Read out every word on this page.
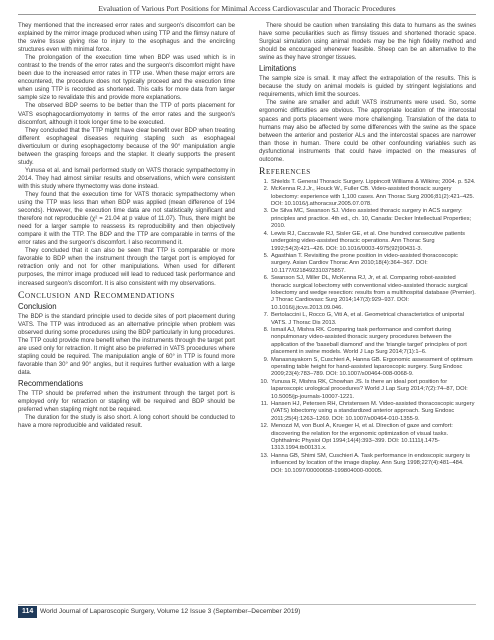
Evaluation of Various Port Positions for Minimal Access Cardiovascular and Thoracic Procedures

They mentioned that the increased error rates and surgeon's discomfort can be explained by the mirror image produced when using TTP and the flimsy nature of the swine tissue giving rise to injury to the esophagus and the encircling structures even with minimal force.

The prolongation of the execution time when BDP was used which is in contrast to the trends of the error rates and the surgeon's discomfort might have been due to the increased error rates in TTP use. When these major errors are encountered, the procedure does not typically proceed and the execution time when using TTP is recorded as shortened. This calls for more data from larger sample size to revalidate this and provide more explanations.

The observed BDP seems to be better than the TTP of ports placement for VATS esophagocardiomyotomy in terms of the error rates and the surgeon's discomfort, although it took longer time to be executed.

They concluded that the TTP might have clear benefit over BDP when treating different esophageal diseases requiring stapling such as esophageal diverticulum or during esophagectomy because of the 90° manipulation angle between the grasping forceps and the stapler. It clearly supports the present study.

Yunusa et al. and Ismail performed study on VATS thoracic sympathectomy in 2014. They had almost similar results and observations, which were consistent with this study where thymectomy was done instead.

They found that the execution time for VATS thoracic sympathectomy when using the TTP was less than when BDP was applied (mean difference of 194 seconds). However, the execution time data are not statistically significant and therefore not reproducible (χ² = 21.04 at p value of 11.07). Thus, there might be need for a larger sample to reassess its reproducibility and then objectively compare it with the TTP. The BDP and the TTP are comparable in terms of the error rates and the surgeon's discomfort. I also recommend it.

They concluded that it can also be seen that TTP is comparable or more favorable to BDP when the instrument through the target port is employed for retraction only and not for other manipulations. When used for different purposes, the mirror image produced will lead to reduced task performance and increased surgeon's discomfort. It is also consistent with my observations.

Conclusion and Recommendations
Conclusion

The BDP is the standard principle used to decide sites of port placement during VATS. The TTP was introduced as an alternative principle when problem was observed during some procedures using the BDP particularly in lung procedures. The TTP could provide more benefit when the instruments through the target port are used only for retraction. It might also be preferred in VATS procedures where stapling could be required. The manipulation angle of 60° in TTP is found more favorable than 30° and 90° angles, but it requires further evaluation with a large data.

Recommendations

The TTP should be preferred when the instrument through the target port is employed only for retraction or stapling will be required and BDP should be preferred when stapling might not be required.

The duration for the study is also short. A long cohort should be conducted to have a more reproducible and validated result.

There should be caution when translating this data to humans as the swines have some peculiarities such as flimsy tissues and shortened thoracic space. Surgical simulation using animal models may be the high fidelity method and should be encouraged whenever feasible. Sheep can be an alternative to the swine as they have stronger tissues.

Limitations

The sample size is small. It may affect the extrapolation of the results. This is because the study on animal models is guided by stringent legislations and requirements, which limit the sources.

The swine are smaller and adult VATS instruments were used. So, some ergonomic difficulties are obvious. The appropriate location of the intercostal spaces and ports placement were more challenging. Translation of the data to humans may also be affected by some differences with the swine as the space between the anterior and posterior ALs and the intercostal spaces are narrower than those in human. There could be other confounding variables such as dysfunctional instruments that could have impacted on the measures of outcome.

References
1. Shields T. General Thoracic Surgery. Lippincott Williams & Wilkins; 2004. p. 524.
2. McKenna R.J.Jr., Houck W., Fuller CB. Video-assisted thoracic surgery lobectomy: experience with 1,100 cases. Ann Thorac Surg 2006;81(2):421–425. DOI: 10.1016/j.athoracsur.2005.07.078.
3. De Silva MC, Swanson SJ. Video assisted thoracic surgery in ACS surgery: principles and practice. 4th ed., ch. 10, Canada: Decker Intellectual Properties; 2010.
4. Lewis RJ, Caccavale RJ, Sisler GE, et al. One hundred consecutive patients undergoing video-assisted thoracic operations. Ann Thorac Surg 1992;54(3):421–426. DOI: 10.1016/0003-4975(92)90431-3.
5. Agasthian T. Revisiting the prone position in video-assisted thoracoscopic surgery. Asian Cardiov Thorac Ann 2010;18(4):364–367. DOI: 10.1177/0218492310375857.
6. Swanson SJ, Miller DL, McKenna RJ, Jr, et al. Comparing robot-assisted thoracic surgical lobectomy with conventional video-assisted thoracic surgical lobectomy and wedge resection: results from a multihospital database (Premier). J Thorac Cardiovasc Surg 2014;147(3):929–937. DOI: 10.1016/j.jtcvs.2013.09.046.
7. Bertolaccini L, Rocco G, Viti A, et al. Geometrical characteristics of uniportal VATS. J Thorac Dis 2013.
8. Ismail AJ, Mishra RK. Comparing task performance and comfort during nonpulmonary video-assisted thoracic surgery procedures between the application of the 'baseball diamond' and the 'triangle target' principles of port placement in swine models. World J Lap Surg 2014;7(1):1–6.
9. Manasnayakorn S, Cuschieri A, Hanna GB. Ergonomic assessment of optimum operating table height for hand-assisted laparoscopic surgery. Surg Endosc 2009;23(4):783–789. DOI: 10.1007/s00464-008-0068-9.
10. Yunusa R, Mishra RK, Chowhan JS. Is there an ideal port position for laparoscopic urological procedures? World J Lap Surg 2014;7(2):74–87, DOI: 10.5005/jp-journals-10007-1221.
11. Hansen HJ, Petersen RH, Christensen M. Video-assisted thoracoscopic surgery (VATS) lobectomy using a standardized anterior approach. Surg Endosc 2011;25(4):1263–1269. DOI: 10.1007/s00464-010-1355-9.
12. Menozzi M, von Buol A, Krueger H, et al. Direction of gaze and comfort: discovering the relation for the ergonomic optimization of visual tasks. Ophthalmic Physiol Opt 1994;14(4):393–399. DOI: 10.1111/j.1475-1313.1994.tb00131.x.
13. Hanna GB, Shimi SM, Cuschieri A. Task performance in endoscopic surgery is influenced by location of the image display. Ann Surg 1998;227(4):481–484. DOI: 10.1097/00000658-199804000-00005.
114	World Journal of Laparoscopic Surgery, Volume 12 Issue 3 (September–December 2019)
